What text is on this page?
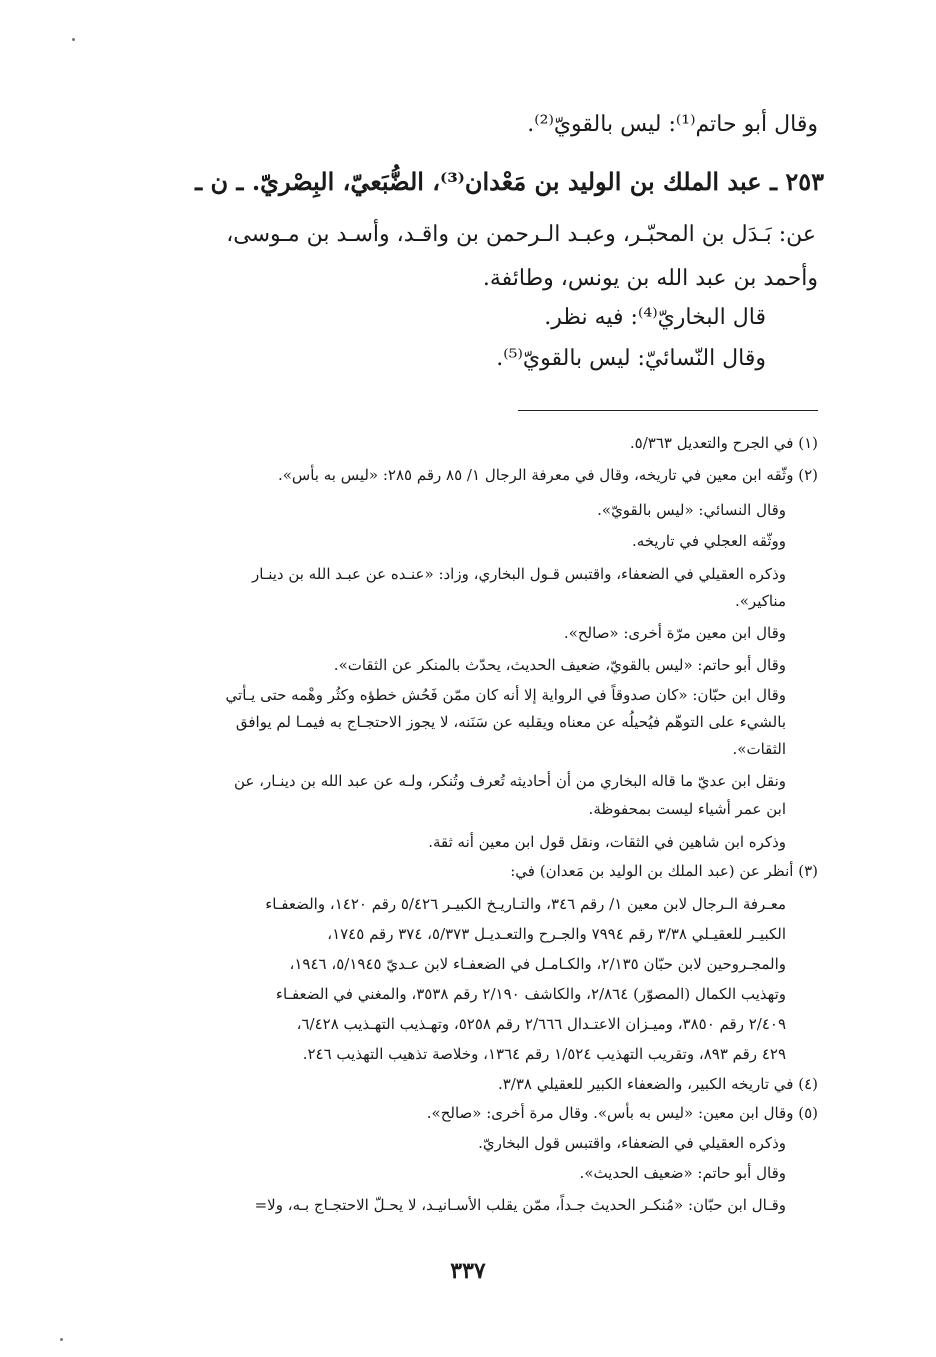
وقال أبو حاتم⁽¹⁾: ليس بالقويّ⁽²⁾.
٢٥٣ ـ عبد الملك بن الوليد بن مَعْدان⁽³⁾، الضُّبَعيّ، البِصْريّ. ـ ن ـ
عن: بَـدَل بن المحبّـر، وعبـد الـرحمن بن واقـد، وأسـد بن مـوسى،
وأحمد بن عبد الله بن يونس، وطائفة.
قال البخاريّ⁽⁴⁾: فيه نظر.
وقال النّسائيّ: ليس بالقويّ⁽⁵⁾.
(١) في الجرح والتعديل ٥/٣٦٣.
(٢) وثّقه ابن معين في تاريخه، وقال في معرفة الرجال ١/ ٨٥ رقم ٢٨٥: «ليس به بأس».
وقال النسائي: «ليس بالقويّ».
ووثّقه العجلي في تاريخه.
وذكره العقيلي في الضعفاء، واقتبس قـول البخاري، وزاد: «عنـده عن عبـد الله بن دينـار
مناكير».
وقال ابن معين مرّة أخرى: «صالح».
وقال أبو حاتم: «ليس بالقويّ، ضعيف الحديث، يحدّث بالمنكر عن الثقات».
وقال ابن حبّان: «كان صدوقاً في الرواية إلا أنه كان ممّن فَحُش خطؤه وكثُر وهْمه حتى يـأتي
بالشيء على التوهّم فيُحيلُه عن معناه ويقلبه عن سَنَنه، لا يجوز الاحتجـاج به فيمـا لم يوافق
الثقات».
ونقل ابن عديّ ما قاله البخاري من أن أحاديثه تُعرف وتُنكر، ولـه عن عبد الله بن دينـار، عن
ابن عمر أشياء ليست بمحفوظة.
وذكره ابن شاهين في الثقات، ونقل قول ابن معين أنه ثقة.
(٣) أنظر عن (عبد الملك بن الوليد بن مَعدان) في:
معـرفة الـرجال لابن معين ١/ رقم ٣٤٦، والتـاريـخ الكبيـر ٥/٤٢٦ رقم ١٤٢٠، والضعفـاء
الكبيـر للعقيـلي ٣/٣٨ رقم ٧٩٩٤ والجـرح والتعـديـل ٥/٣٧٣، ٣٧٤ رقم ١٧٤٥،
والمجـروحين لابن حبّان ٢/١٣٥، والكـامـل في الضعفـاء لابن عـديّ ٥/١٩٤٥، ١٩٤٦،
وتهذيب الكمال (المصوّر) ٢/٨٦٤، والكاشف ٢/١٩٠ رقم ٣٥٣٨، والمغني في الضعفـاء
٢/٤٠٩ رقم ٣٨٥٠، وميـزان الاعتـدال ٢/٦٦٦ رقم ٥٢٥٨، وتهـذيب التهـذيب ٦/٤٢٨،
٤٢٩ رقم ٨٩٣، وتقريب التهذيب ١/٥٢٤ رقم ١٣٦٤، وخلاصة تذهيب التهذيب ٢٤٦.
(٤) في تاريخه الكبير، والضعفاء الكبير للعقيلي ٣/٣٨.
(٥) وقال ابن معين: «ليس به بأس». وقال مرة أخرى: «صالح».
وذكره العقيلي في الضعفاء، واقتبس قول البخاريّ.
وقال أبو حاتم: «ضعيف الحديث».
وقـال ابن حبّان: «مُنكـر الحديث جـداً، ممّن يقلب الأسـانيـد، لا يحـلّ الاحتجـاج بـه، ولا=
٣٣٧
